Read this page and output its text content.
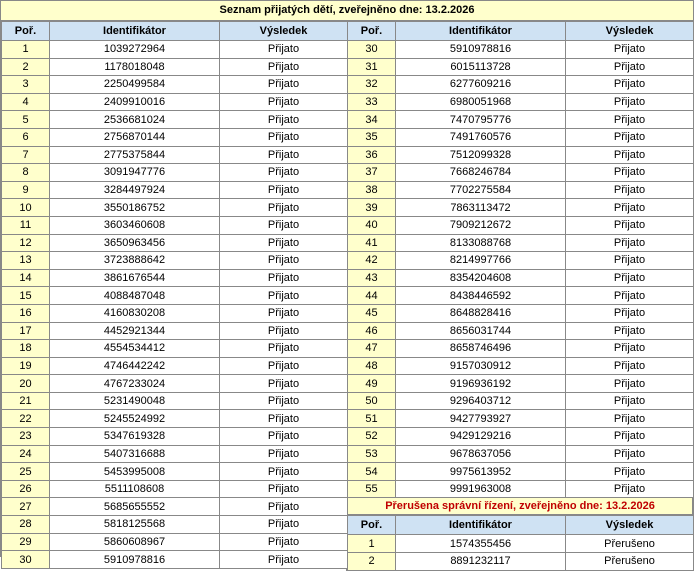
Seznam přijatých dětí, zveřejněno dne: 13.2.2026
Poř.	Identifikátor	Výsledek
1	1039272964	Přijato
2	1178018048	Přijato
3	2250499584	Přijato
4	2409910016	Přijato
5	2536681024	Přijato
6	2756870144	Přijato
7	2775375844	Přijato
8	3091947776	Přijato
9	3284497924	Přijato
10	3550186752	Přijato
11	3603460608	Přijato
12	3650963456	Přijato
13	3723888642	Přijato
14	3861676544	Přijato
15	4088487048	Přijato
16	4160830208	Přijato
17	4452921344	Přijato
18	4554534412	Přijato
19	4746442242	Přijato
20	4767233024	Přijato
21	5231490048	Přijato
22	5245524992	Přijato
23	5347619328	Přijato
24	5407316688	Přijato
25	5453995008	Přijato
26	5511108608	Přijato
27	5685655552	Přijato
28	5818125568	Přijato
29	5860608967	Přijato
30	5910978816	Přijato
Poř.	Identifikátor	Výsledek
30	5910978816	Přijato
31	6015113728	Přijato
32	6277609216	Přijato
33	6980051968	Přijato
34	7470795776	Přijato
35	7491760576	Přijato
36	7512099328	Přijato
37	7668246784	Přijato
38	7702275584	Přijato
39	7863113472	Přijato
40	7909212672	Přijato
41	8133088768	Přijato
42	8214997766	Přijato
43	8354204608	Přijato
44	8438446592	Přijato
45	8648828416	Přijato
46	8656031744	Přijato
47	8658746496	Přijato
48	9157030912	Přijato
49	9196936192	Přijato
50	9296403712	Přijato
51	9427793927	Přijato
52	9429129216	Přijato
53	9678637056	Přijato
54	9975613952	Přijato
55	9991963008	Přijato
Přerušena správní řízení, zveřejněno dne: 13.2.2026
Poř.	Identifikátor	Výsledek
1	1574355456	Přerušeno
2	8891232117	Přerušeno
